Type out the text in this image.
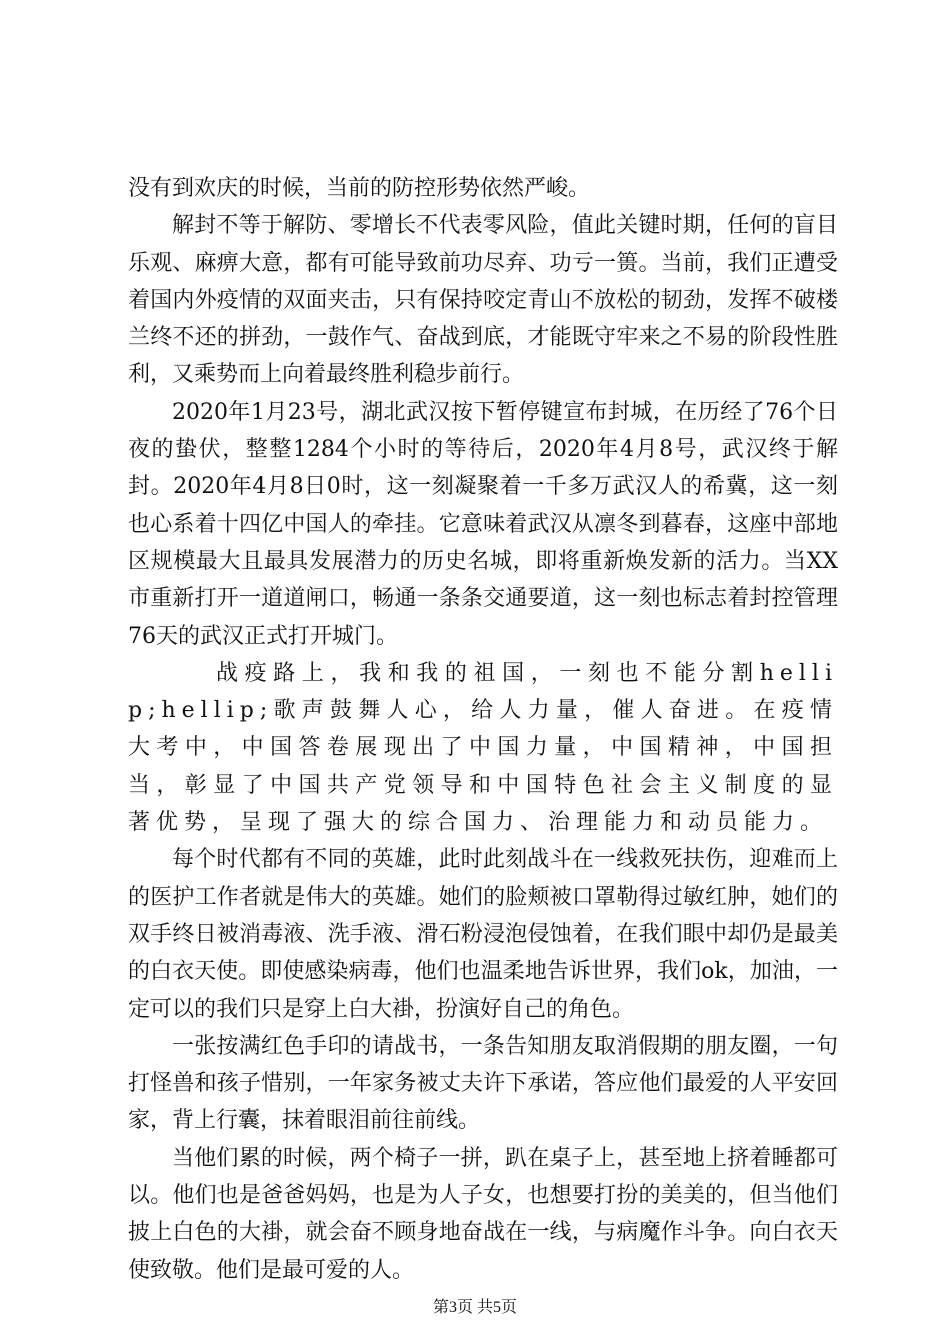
没有到欢庆的时候，当前的防控形势依然严峻。

解封不等于解防、零增长不代表零风险，值此关键时期，任何的盲目乐观、麻痹大意，都有可能导致前功尽弃、功亏一篑。当前，我们正遭受着国内外疫情的双面夹击，只有保持咬定青山不放松的韧劲，发挥不破楼兰终不还的拼劲，一鼓作气、奋战到底，才能既守牢来之不易的阶段性胜利，又乘势而上向着最终胜利稳步前行。

2020年1月23号，湖北武汉按下暂停键宣布封城，在历经了76个日夜的蛰伏，整整1284个小时的等待后，2020年4月8号，武汉终于解封。2020年4月8日0时，这一刻凝聚着一千多万武汉人的希冀，这一刻也心系着十四亿中国人的牵挂。它意味着武汉从凛冬到暮春，这座中部地区规模最大且最具发展潜力的历史名城，即将重新焕发新的活力。当XX市重新打开一道道闸口，畅通一条条交通要道，这一刻也标志着封控管理76天的武汉正式打开城门。

战疫路上，我和我的祖国，一刻也不能分割hellip;hellip;歌声鼓舞人心，给人力量，催人奋进。在疫情大考中，中国答卷展现出了中国力量，中国精神，中国担当，彰显了中国共产党领导和中国特色社会主义制度的显著优势，呈现了强大的综合国力、治理能力和动员能力。

每个时代都有不同的英雄，此时此刻战斗在一线救死扶伤，迎难而上的医护工作者就是伟大的英雄。她们的脸颊被口罩勒得过敏红肿，她们的双手终日被消毒液、洗手液、滑石粉浸泡侵蚀着，在我们眼中却仍是最美的白衣天使。即使感染病毒，他们也温柔地告诉世界，我们ok，加油，一定可以的我们只是穿上白大褂，扮演好自己的角色。

一张按满红色手印的请战书，一条告知朋友取消假期的朋友圈，一句打怪兽和孩子惜别，一年家务被丈夫许下承诺，答应他们最爱的人平安回家，背上行囊，抹着眼泪前往前线。

当他们累的时候，两个椅子一拼，趴在桌子上，甚至地上挤着睡都可以。他们也是爸爸妈妈，也是为人子女，也想要打扮的美美的，但当他们披上白色的大褂，就会奋不顾身地奋战在一线，与病魔作斗争。向白衣天使致敬。他们是最可爱的人。

第3页 共5页
